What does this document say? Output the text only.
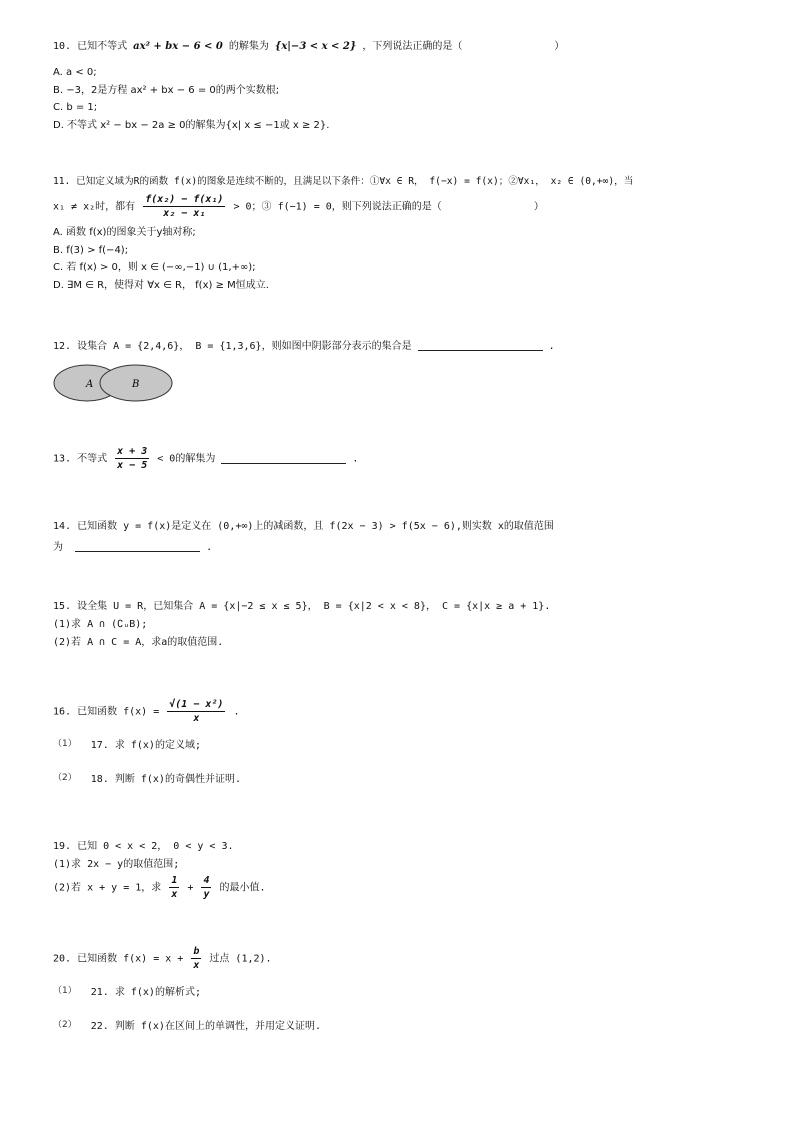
10. 已知不等式 ax² + bx − 6 < 0 的解集为 {x|−3 < x < 2} ，下列说法正确的是（	）
A. a < 0;
B. −3，2是方程 ax² + bx − 6 = 0的两个实数根;
C. b = 1;
D. 不等式 x² − bx − 2a ≥ 0的解集为{x| x ≤ −1或 x ≥ 2}.
11. 已知定义域为R的函数 f(x)的图象是连续不断的，且满足以下条件：①∀x ∈ R， f(−x) = f(x)；②∀x₁， x₂ ∈ (0,+∞)，当
x₁ ≠ x₂时，都有 $\frac{\text{f(x₂) − f(x₁)}}{\text{x₂ − x₁}} > 0$；③ f(−1) = 0，则下列说法正确的是（	）
A. 函数 f(x)的图象关于y轴对称;
B. f(3) > f(−4);
C. 若 f(x) > 0，则 x ∈ (−∞,−1) ∪ (1,+∞);
D. ∃M ∈ R，使得对 ∀x ∈ R， f(x) ≥ M恒成立.
12. 设集合 A = {2,4,6}， B = {1,3,6}，则如图中阴影部分表示的集合是	.
A	B
13. 不等式 $\frac{x + 3}{x - 5} < 0$的解集为	.
14. 已知函数 y = f(x)是定义在 (0,+∞)上的减函数，且 f(2x − 3) > f(5x − 6),则实数 x的取值范围
为	.
15. 设全集 U = R，已知集合 A = {x|−2 ≤ x ≤ 5}， B = {x|2 < x < 8}， C = {x|x ≥ a + 1}.
(1)求 A ∩ (∁ᵤB);
(2)若 A ∩ C = A，求a的取值范围.
16. 已知函数 $f(x) = \frac{\text{√(1 − x²)}}{x}$ .
（1） 17. 求 f(x)的定义域;
（2） 18. 判断 f(x)的奇偶性并证明.
19. 已知 0 < x < 2， 0 < y < 3.
(1)求 2x − y的取值范围;
(2)若 x + y = 1，求 $\frac{1}{x} + \frac{4}{y}$ 的最小值.
20. 已知函数 $f(x) = x + \frac{b}{x}$ 过点 (1,2).
（1） 21. 求 f(x)的解析式;
（2） 22. 判断 f(x)在区间上的单调性，并用定义证明.
